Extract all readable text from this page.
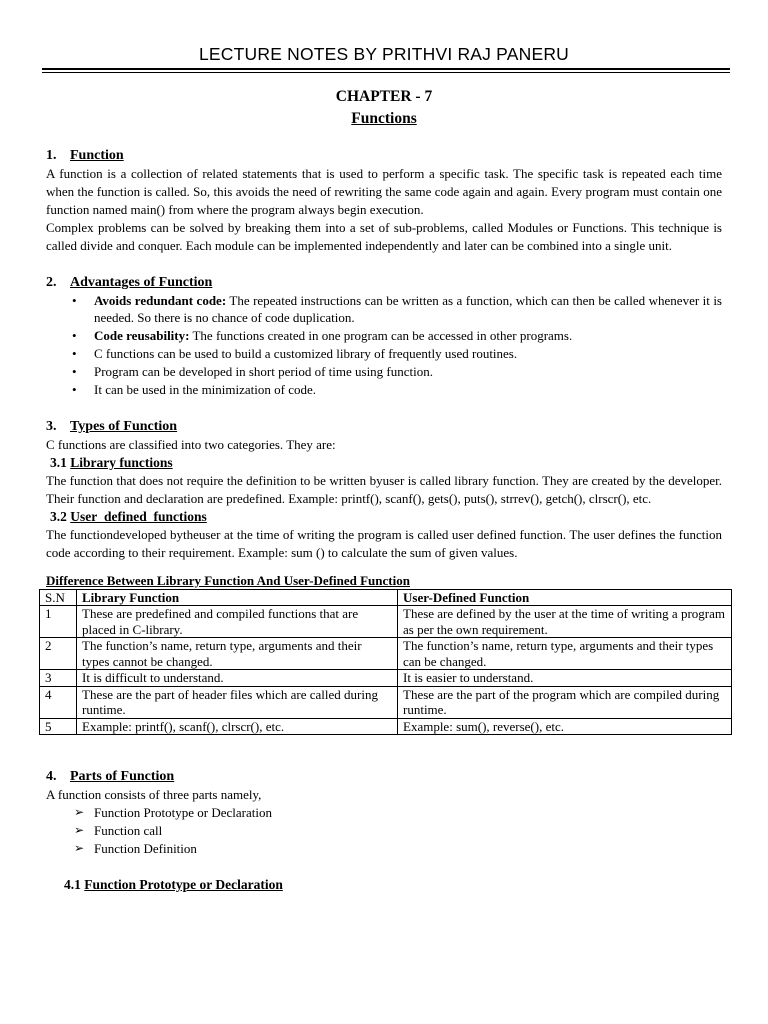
LECTURE NOTES BY PRITHVI RAJ PANERU
CHAPTER - 7
Functions
1. Function

A function is a collection of related statements that is used to perform a specific task. The specific task is repeated each time when the function is called. So, this avoids the need of rewriting the same code again and again. Every program must contain one function named main() from where the program always begin execution.

Complex problems can be solved by breaking them into a set of sub-problems, called Modules or Functions. This technique is called divide and conquer. Each module can be implemented independently and later can be combined into a single unit.

2. Advantages of Function
• Avoids redundant code: The repeated instructions can be written as a function, which can then be called whenever it is needed. So there is no chance of code duplication.
• Code reusability: The functions created in one program can be accessed in other programs.
• C functions can be used to build a customized library of frequently used routines.
• Program can be developed in short period of time using function.
• It can be used in the minimization of code.
3. Types of Function

C functions are classified into two categories. They are:

3.1 Library functions

The function that does not require the definition to be written byuser is called library function. They are created by the developer. Their function and declaration are predefined. Example: printf(), scanf(), gets(), puts(), strrev(), getch(), clrscr(), etc.

3.2 User_defined_functions

The functiondeveloped bytheuser at the time of writing the program is called user defined function. The user defines the function code according to their requirement. Example: sum () to calculate the sum of given values.

Difference Between Library Function And User-Defined Function
S.N	Library Function	User-Defined Function
1	These are predefined and compiled functions that are placed in C-library.	These are defined by the user at the time of writing a program as per the own requirement.
2	The function’s name, return type, arguments and their types cannot be changed.	The function’s name, return type, arguments and their types can be changed.
3	It is difficult to understand.	It is easier to understand.
4	These are the part of header files which are called during runtime.	These are the part of the program which are compiled during runtime.
5	Example: printf(), scanf(), clrscr(), etc.	Example: sum(), reverse(), etc.
4. Parts of Function

A function consists of three parts namely,

➢ Function Prototype or Declaration
➢ Function call
➢ Function Definition
4.1 Function Prototype or Declaration
